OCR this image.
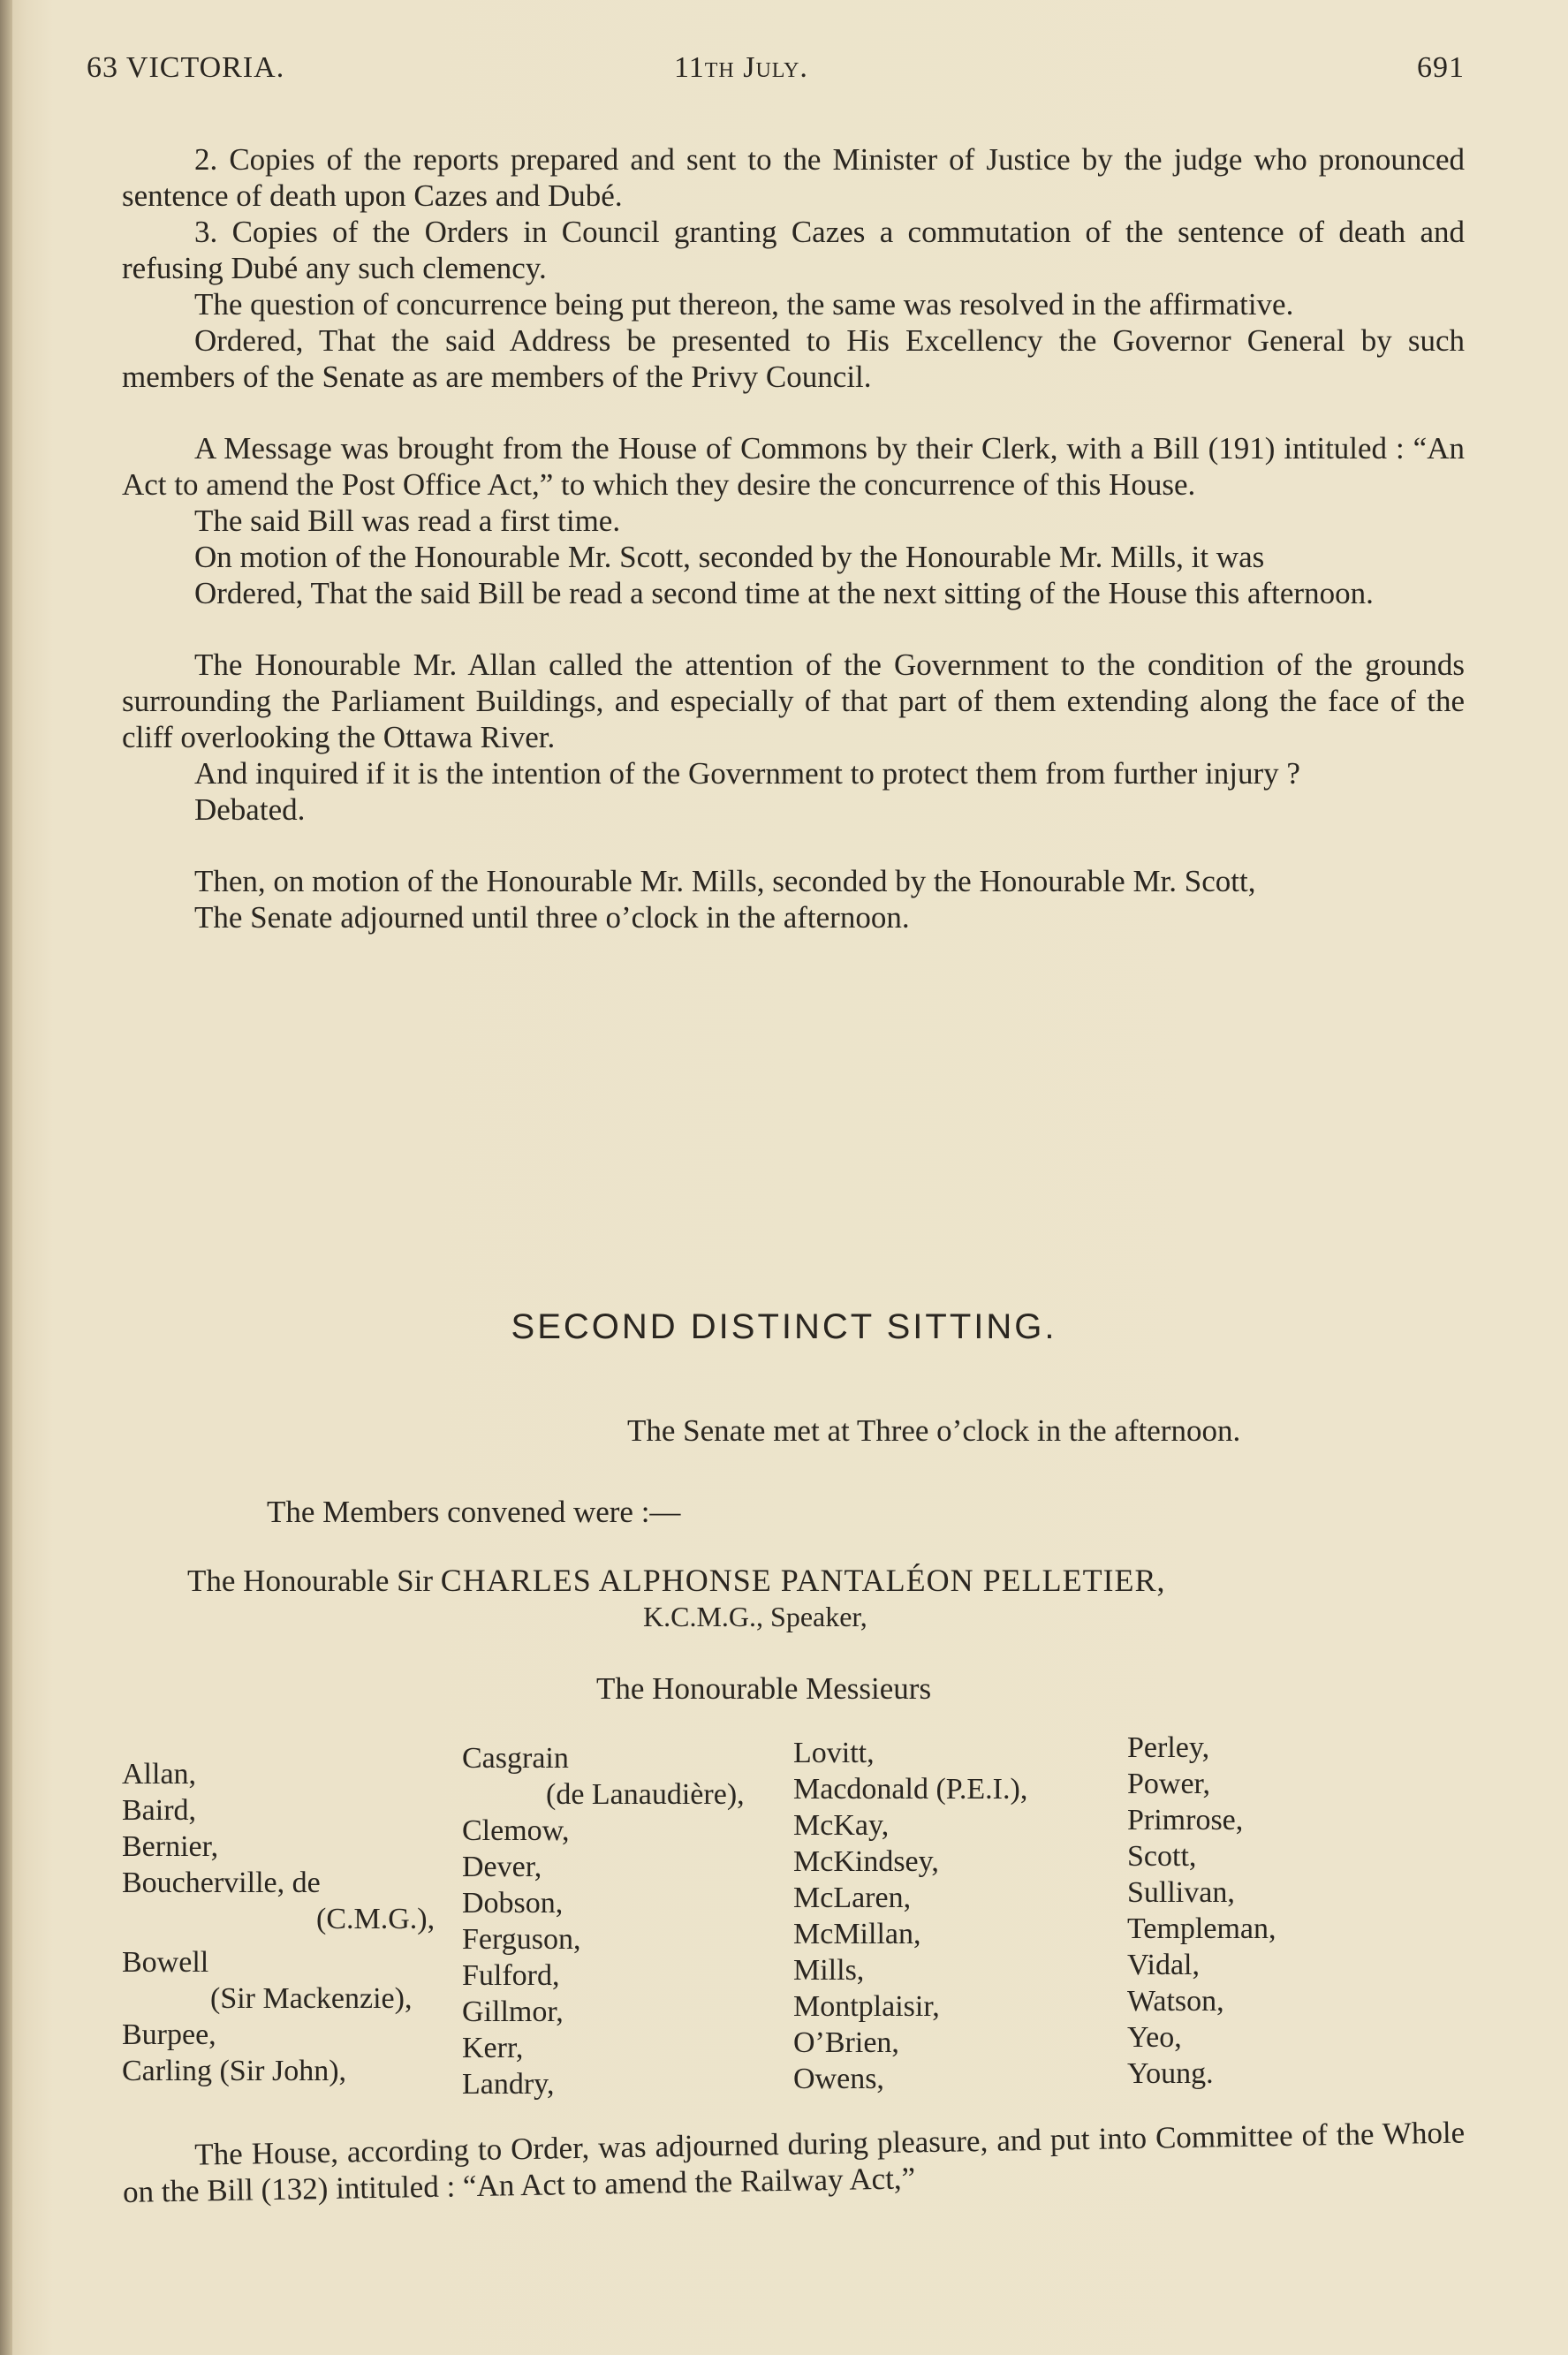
63 VICTORIA.	11th July.	691

2. Copies of the reports prepared and sent to the Minister of Justice by the judge who pronounced sentence of death upon Cazes and Dubé.

3. Copies of the Orders in Council granting Cazes a commutation of the sentence of death and refusing Dubé any such clemency.

The question of concurrence being put thereon, the same was resolved in the affirmative.

Ordered, That the said Address be presented to His Excellency the Governor General by such members of the Senate as are members of the Privy Council.

A Message was brought from the House of Commons by their Clerk, with a Bill (191) intituled : “An Act to amend the Post Office Act,” to which they desire the concurrence of this House.

The said Bill was read a first time.

On motion of the Honourable Mr. Scott, seconded by the Honourable Mr. Mills, it was

Ordered, That the said Bill be read a second time at the next sitting of the House this afternoon.

The Honourable Mr. Allan called the attention of the Government to the condition of the grounds surrounding the Parliament Buildings, and especially of that part of them extending along the face of the cliff overlooking the Ottawa River.

And inquired if it is the intention of the Government to protect them from further injury ?

Debated.

Then, on motion of the Honourable Mr. Mills, seconded by the Honourable Mr. Scott,

The Senate adjourned until three o’clock in the afternoon.

SECOND DISTINCT SITTING.
The Senate met at Three o’clock in the afternoon.
The Members convened were :—
The Honourable Sir CHARLES ALPHONSE PANTALÉON PELLETIER,
K.C.M.G., Speaker,
The Honourable Messieurs
Allan,
Baird,
Bernier,
Boucherville, de
(C.M.G.),
Bowell
(Sir Mackenzie),
Burpee,
Carling (Sir John),
Casgrain
(de Lanaudière),
Clemow,
Dever,
Dobson,
Ferguson,
Fulford,
Gillmor,
Kerr,
Landry,
Lovitt,
Macdonald (P.E.I.),
McKay,
McKindsey,
McLaren,
McMillan,
Mills,
Montplaisir,
O’Brien,
Owens,
Perley,
Power,
Primrose,
Scott,
Sullivan,
Templeman,
Vidal,
Watson,
Yeo,
Young.

The House, according to Order, was adjourned during pleasure, and put into Committee of the Whole on the Bill (132) intituled : “An Act to amend the Railway Act,”
